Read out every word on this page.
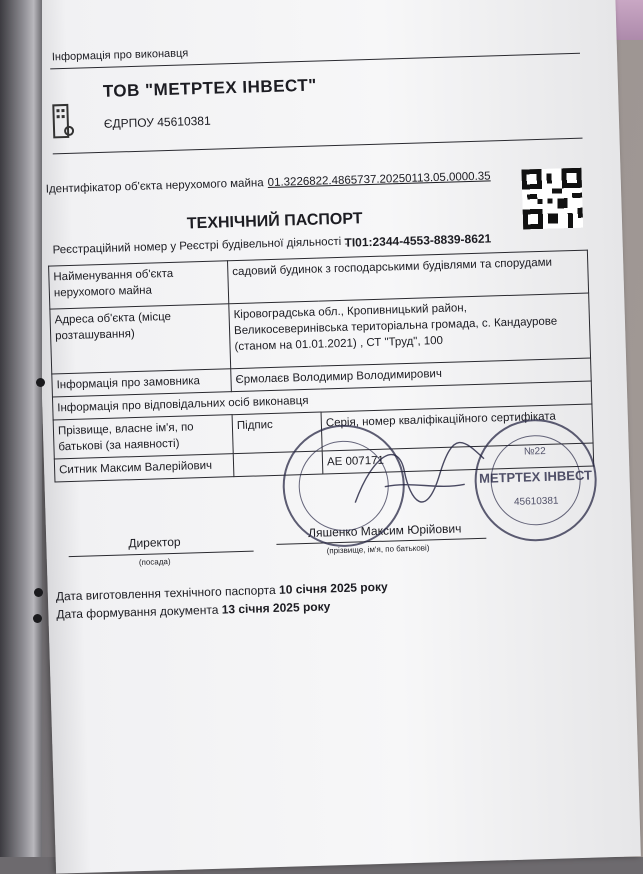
Інформація про виконавця
ТОВ "МЕТРТЕХ ІНВЕСТ"
ЄДРПОУ 45610381
Ідентифікатор об'єкта нерухомого майна 01.3226822.4865737.20250113.05.0000.35
ТЕХНІЧНИЙ ПАСПОРТ
Реєстраційний номер у Реєстрі будівельної діяльності :
ТІ01:2344-4553-8839-8621
Найменування об'єкта нерухомого майна	садовий будинок з господарськими будівлями та спорудами	
Адреса об'єкта (місце розташування)	Кіровоградська обл., Кропивницький район,
Великосеверинівська територіальна громада, с. Кандаурове
(станом на 01.01.2021) , СТ "Труд", 100	

Інформація про замовника	Єрмолаєв Володимир Володимирович	
Інформація про відповідальних осіб виконавця		
Прізвище, власне ім'я, по батькові (за наявності)	Підпис	Серія, номер кваліфікаційного сертифіката
Ситник Максим Валерійович		АЕ 007171
Директор
(посада)
Ляшенко Максим Юрійович
(прізвище, ім'я, по батькові)
Дата виготовлення технічного паспорта 10 січня 2025 року
Дата формування документа 13 січня 2025 року
№22
МЕТРТЕХ ІНВЕСТ
45610381
